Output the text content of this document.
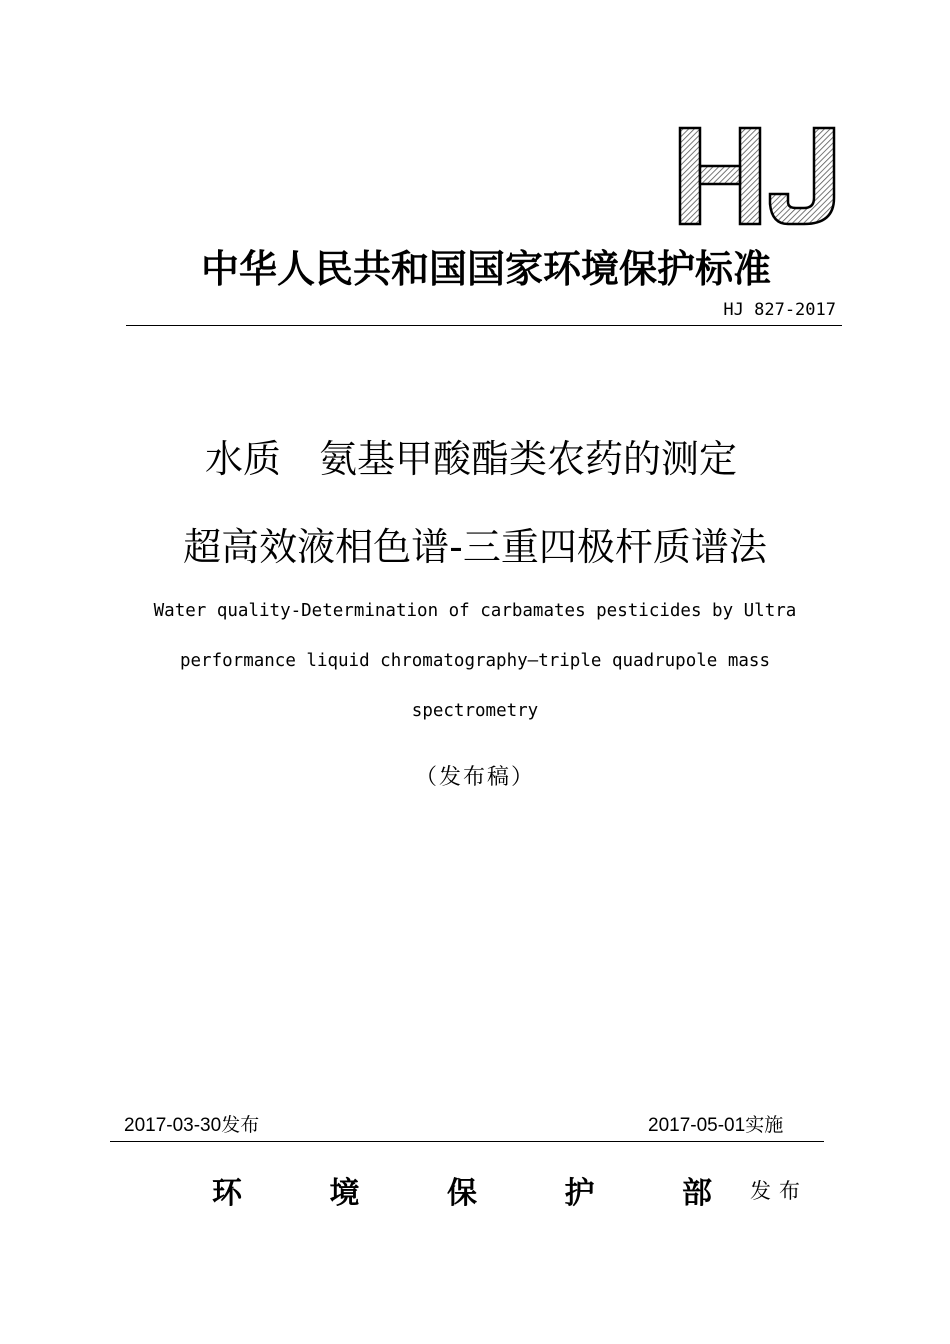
中华人民共和国国家环境保护标准
HJ 827-2017
水质　氨基甲酸酯类农药的测定
超高效液相色谱-三重四极杆质谱法
Water quality-Determination of carbamates pesticides by Ultra
performance liquid chromatography–triple quadrupole mass
spectrometry
（发布稿）
2017-03-30发布	2017-05-01实施
环	境	保	护	部 发布
